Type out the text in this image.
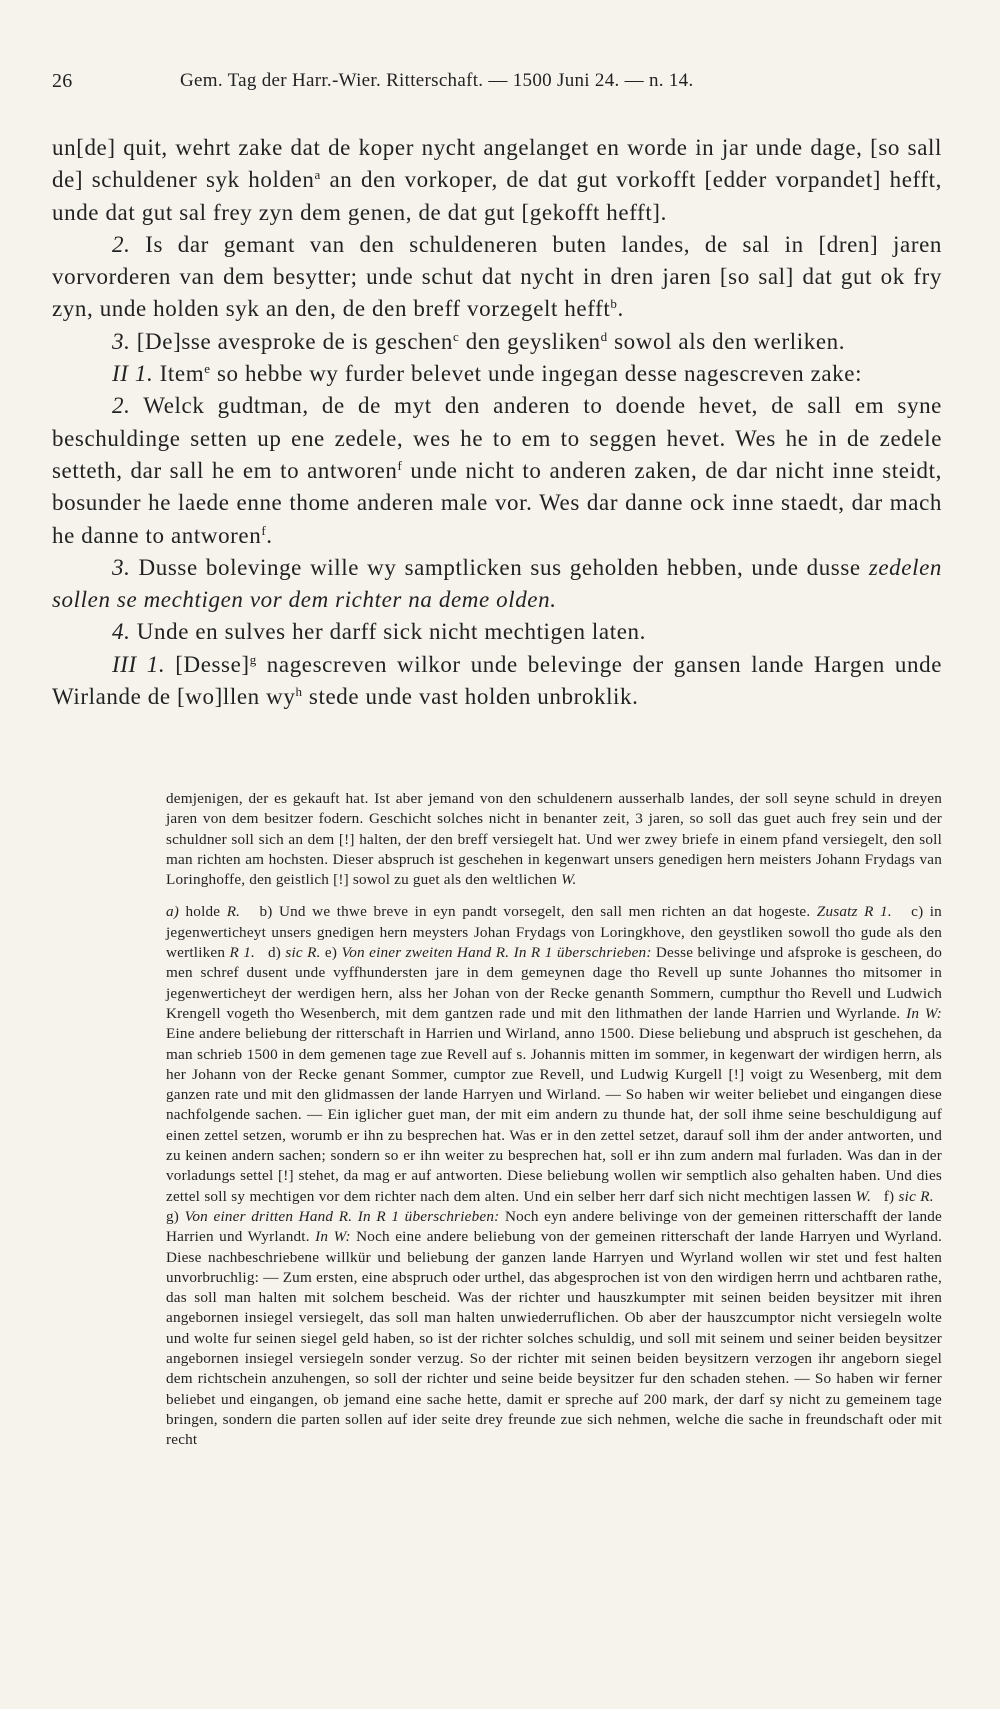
26	Gem. Tag der Harr.-Wier. Ritterschaft. — 1500 Juni 24. — n. 14.

un[de] quit, wehrt zake dat de koper nycht angelanget en worde in jar unde dage, [so sall de] schuldener syk holden$^a$ an den vorkoper, de dat gut vorkofft [edder vorpandet] hefft, unde dat gut sal frey zyn dem genen, de dat gut [gekofft hefft].

2. Is dar gemant van den schuldeneren buten landes, de sal in [dren] jaren vorvorderen van dem besytter; unde schut dat nycht in dren jaren [so sal] dat gut ok fry zyn, unde holden syk an den, de den breff vorzegelt hefft$^b$.

3. [De]sse avesproke de is geschen$^c$ den geysliken$^d$ sowol als den werliken.

II 1. Item$^e$ so hebbe wy furder belevet unde ingegan desse nagescreven zake:

2. Welck gudtman, de de myt den anderen to doende hevet, de sall em syne beschuldinge setten up ene zedele, wes he to em to seggen hevet. Wes he in de zedele setteth, dar sall he em to antworen$^f$ unde nicht to anderen zaken, de dar nicht inne steidt, bosunder he laede enne thome anderen male vor. Wes dar danne ock inne staedt, dar mach he danne to antworen$^f$.

3. Dusse bolevinge wille wy samptlicken sus geholden hebben, unde dusse zedelen sollen se mechtigen vor dem richter na deme olden.

4. Unde en sulves her darff sick nicht mechtigen laten.

III 1. [Desse]$^g$ nagescreven wilkor unde belevinge der gansen lande Hargen unde Wirlande de [wo]llen $wy^h$ stede unde vast holden unbroklik.

demjenigen, der es gekauft hat. Ist aber jemand von den schuldenern ausserhalb landes, der soll seyne schuld in dreyen jaren von dem besitzer fodern. Geschicht solches nicht in benanter zeit, 3 jaren, so soll das guet auch frey sein und der schuldner soll sich an dem [!] halten, der den breff versiegelt hat. Und wer zwey briefe in einem pfand versiegelt, den soll man richten am hochsten. Dieser abspruch ist geschehen in kegenwart unsers genedigen hern meisters Johann Frydags van Loringhoffe, den geistlich [!] sowol zu guet als den weltlichen W.

a) holde R.   b) Und we thwe breve in eyn pandt vorsegelt, den sall men richten an dat hogeste. Zusatz R 1.   c) in jegenwerticheyt unsers gnedigen hern meysters Johan Frydags von Loringkhove, den geystliken sowoll tho gude als den wertliken R 1.   d) sic R. e) Von einer zweiten Hand R. In R 1 überschrieben: Desse belivinge und afsproke is gescheen, do men schref dusent unde vyffhundersten jare in dem gemeynen dage tho Revell up sunte Johannes tho mitsomer in jegenwerticheyt der werdigen hern, alss her Johan von der Recke genanth Sommern, cumpthur tho Revell und Ludwich Krengell vogeth tho Wesenberch, mit dem gantzen rade und mit den lithmathen der lande Harrien und Wyrlande. In W: Eine andere beliebung der ritterschaft in Harrien und Wirland, anno 1500. Diese beliebung und abspruch ist geschehen, da man schrieb 1500 in dem gemenen tage zue Revell auf s. Johannis mitten im sommer, in kegenwart der wirdigen herrn, als her Johann von der Recke genant Sommer, cumptor zue Revell, und Ludwig Kurgell [!] voigt zu Wesenberg, mit dem ganzen rate und mit den glidmassen der lande Harryen und Wirland. — So haben wir weiter beliebet und eingangen diese nachfolgende sachen. — Ein iglicher guet man, der mit eim andern zu thunde hat, der soll ihme seine beschuldigung auf einen zettel setzen, worumb er ihn zu besprechen hat. Was er in den zettel setzet, darauf soll ihm der ander antworten, und zu keinen andern sachen; sondern so er ihn weiter zu besprechen hat, soll er ihn zum andern mal furladen. Was dan in der vorladungs settel [!] stehet, da mag er auf antworten. Diese beliebung wollen wir semptlich also gehalten haben. Und dies zettel soll sy mechtigen vor dem richter nach dem alten. Und ein selber herr darf sich nicht mechtigen lassen W.   f) sic R.   g) Von einer dritten Hand R. In R 1 überschrieben: Noch eyn andere belivinge von der gemeinen ritterschafft der lande Harrien und Wyrlandt. In W: Noch eine andere beliebung von der gemeinen ritterschaft der lande Harryen und Wyrland. Diese nachbeschriebene willkür und beliebung der ganzen lande Harryen und Wyrland wollen wir stet und fest halten unvorbruchlig: — Zum ersten, eine abspruch oder urthel, das abgesprochen ist von den wirdigen herrn und achtbaren rathe, das soll man halten mit solchem bescheid. Was der richter und hauszkumpter mit seinen beiden beysitzer mit ihren angebornen insiegel versiegelt, das soll man halten unwiederruflichen. Ob aber der hauszcumptor nicht versiegeln wolte und wolte fur seinen siegel geld haben, so ist der richter solches schuldig, und soll mit seinem und seiner beiden beysitzer angebornen insiegel versiegeln sonder verzug. So der richter mit seinen beiden beysitzern verzogen ihr angeborn siegel dem richtschein anzuhengen, so soll der richter und seine beide beysitzer fur den schaden stehen. — So haben wir ferner beliebet und eingangen, ob jemand eine sache hette, damit er spreche auf 200 mark, der darf sy nicht zu gemeinem tage bringen, sondern die parten sollen auf ider seite drey freunde zue sich nehmen, welche die sache in freundschaft oder mit recht
